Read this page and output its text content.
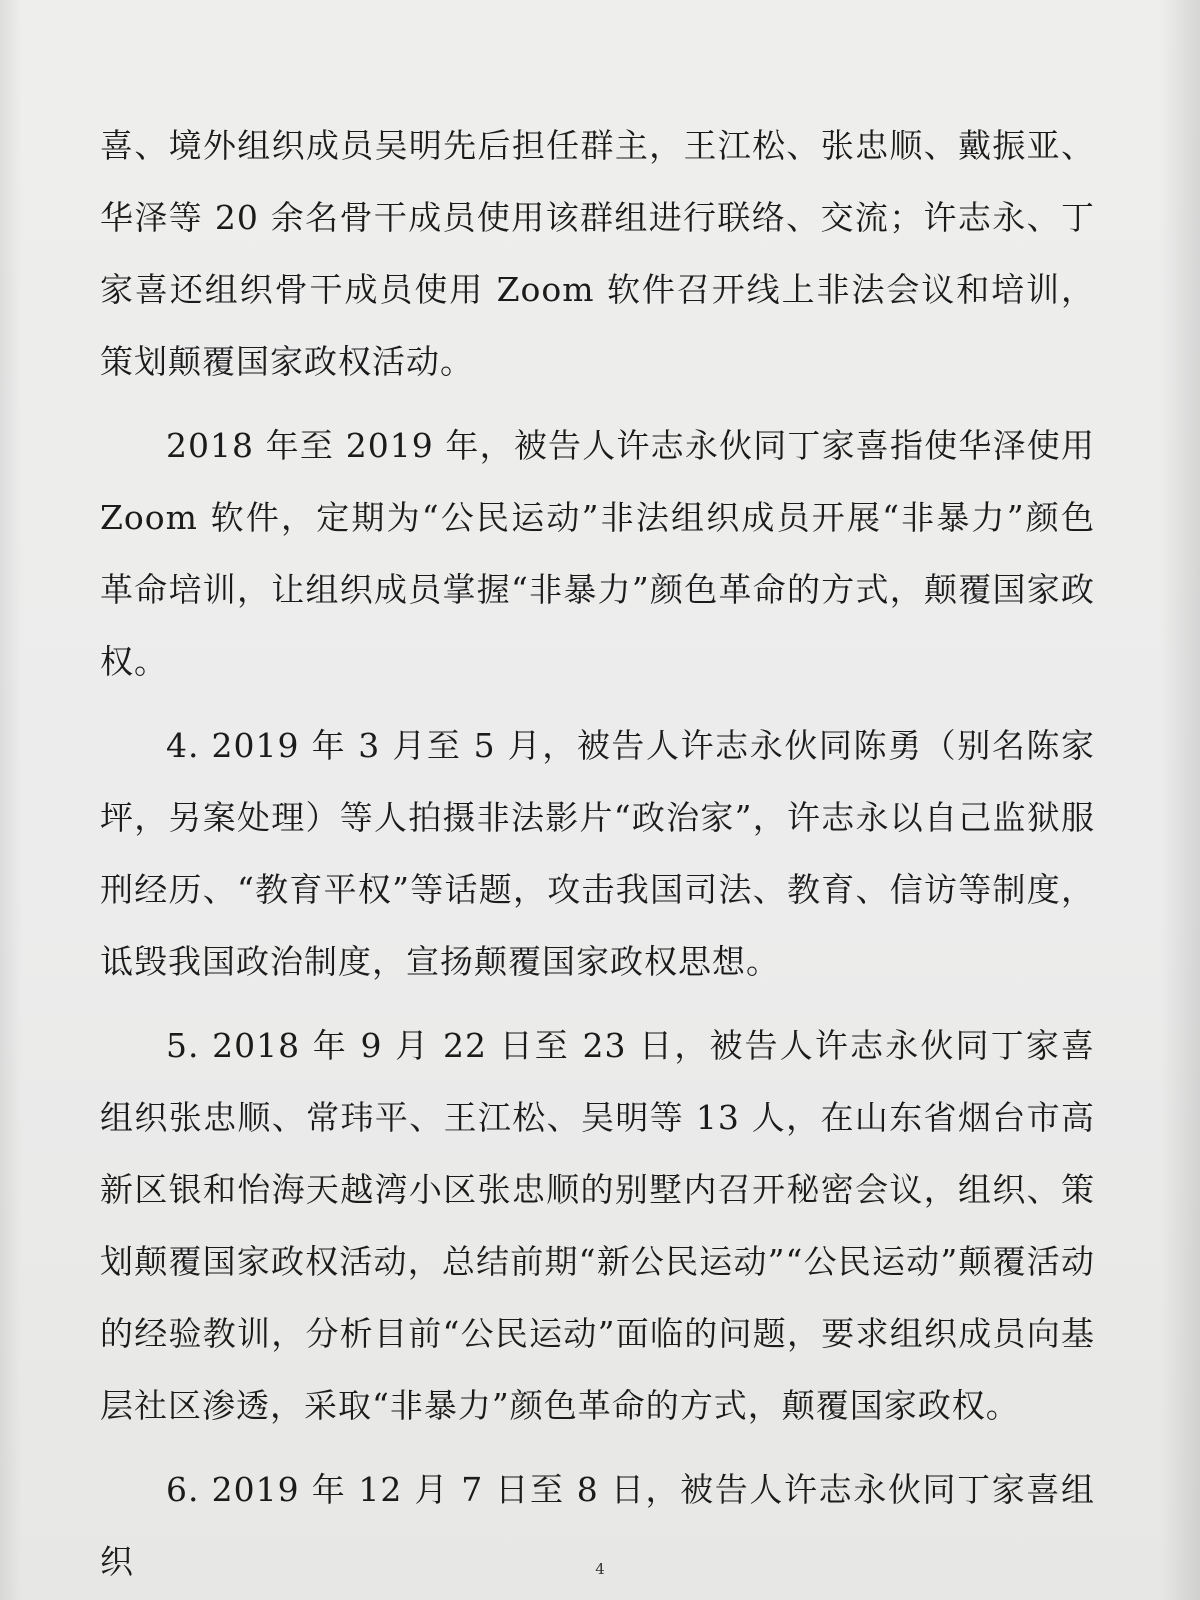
喜、境外组织成员吴明先后担任群主，王江松、张忠顺、戴振亚、华泽等 20 余名骨干成员使用该群组进行联络、交流；许志永、丁家喜还组织骨干成员使用 Zoom 软件召开线上非法会议和培训，策划颠覆国家政权活动。

2018 年至 2019 年，被告人许志永伙同丁家喜指使华泽使用 Zoom 软件，定期为“公民运动”非法组织成员开展“非暴力”颜色革命培训，让组织成员掌握“非暴力”颜色革命的方式，颠覆国家政权。

4. 2019 年 3 月至 5 月，被告人许志永伙同陈勇（别名陈家坪，另案处理）等人拍摄非法影片“政治家”，许志永以自己监狱服刑经历、“教育平权”等话题，攻击我国司法、教育、信访等制度，诋毁我国政治制度，宣扬颠覆国家政权思想。

5. 2018 年 9 月 22 日至 23 日，被告人许志永伙同丁家喜组织张忠顺、常玮平、王江松、吴明等 13 人，在山东省烟台市高新区银和怡海天越湾小区张忠顺的别墅内召开秘密会议，组织、策划颠覆国家政权活动，总结前期“新公民运动”“公民运动”颠覆活动的经验教训，分析目前“公民运动”面临的问题，要求组织成员向基层社区渗透，采取“非暴力”颜色革命的方式，颠覆国家政权。

6. 2019 年 12 月 7 日至 8 日，被告人许志永伙同丁家喜组织	4
